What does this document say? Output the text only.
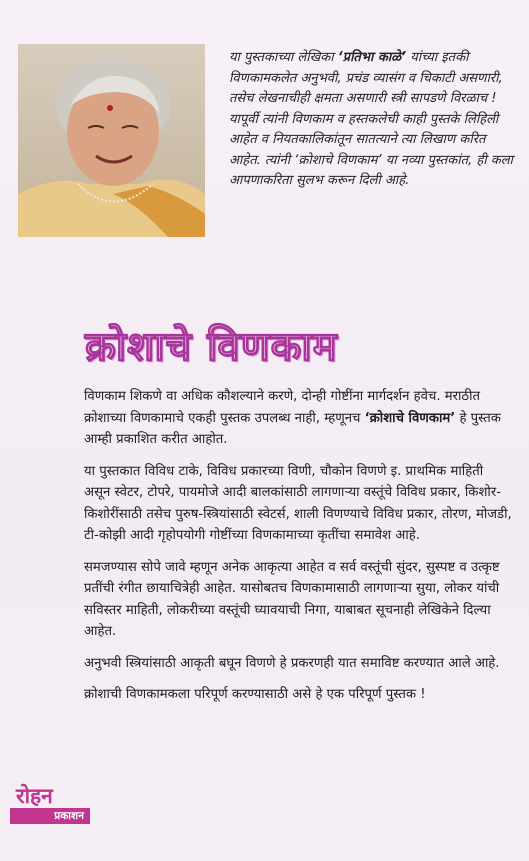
या पुस्तकाच्या लेखिका ‘प्रतिभा काळे’ यांच्या इतकी विणकामकलेत अनुभवी, प्रचंड व्यासंग व चिकाटी असणारी, तसेच लेखनाचीही क्षमता असणारी स्त्री सापडणे विरळाच ! यापूर्वी त्यांनी विणकाम व हस्तकलेची काही पुस्तके लिहिली आहेत व नियतकालिकांतून सातत्याने त्या लिखाण करित आहेत. त्यांनी ‘क्रोशाचे विणकाम’ या नव्या पुस्तकांत, ही कला आपणाकरिता सुलभ करून दिली आहे.
क्रोशाचे विणकाम

विणकाम शिकणे वा अधिक कौशल्याने करणे, दोन्ही गोष्टींना मार्गदर्शन हवेच. मराठीत क्रोशाच्या विणकामाचे एकही पुस्तक उपलब्ध नाही, म्हणूनच ‘क्रोशाचे विणकाम’ हे पुस्तक आम्ही प्रकाशित करीत आहोत.

या पुस्तकात विविध टाके, विविध प्रकारच्या विणी, चौकोन विणणे इ. प्राथमिक माहिती असून स्वेटर, टोपरे, पायमोजे आदी बालकांसाठी लागणाऱ्या वस्तूंचे विविध प्रकार, किशोर-किशोरींसाठी तसेच पुरुष-स्त्रियांसाठी स्वेटर्स, शाली विणण्याचे विविध प्रकार, तोरण, मोजडी, टी-कोझी आदी गृहोपयोगी गोष्टींच्या विणकामाच्या कृतींचा समावेश आहे.

समजण्यास सोपे जावे म्हणून अनेक आकृत्या आहेत व सर्व वस्तूंची सुंदर, सुस्पष्ट व उत्कृष्ट प्रतींची रंगीत छायाचित्रेही आहेत. यासोबतच विणकामासाठी लागणाऱ्या सुया, लोकर यांची सविस्तर माहिती, लोकरीच्या वस्तूंची घ्यावयाची निगा, याबाबत सूचनाही लेखिकेने दिल्या आहेत.

अनुभवी स्त्रियांसाठी आकृती बघून विणणे हे प्रकरणही यात समाविष्ट करण्यात आले आहे.

क्रोशाची विणकामकला परिपूर्ण करण्यासाठी असे हे एक परिपूर्ण पुस्तक !

रोहन
प्रकाशन
